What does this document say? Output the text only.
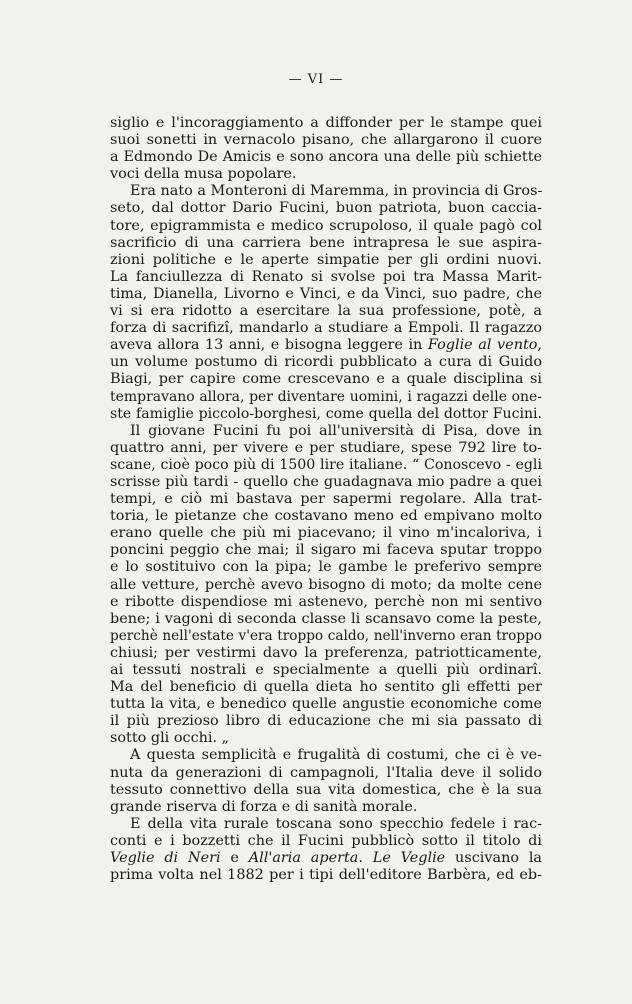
— VI —
siglio e l'incoraggiamento a diffonder per le stampe quei
suoi sonetti in vernacolo pisano, che allargarono il cuore
a Edmondo De Amicis e sono ancora una delle più schiette
voci della musa popolare.
Era nato a Monteroni di Maremma, in provincia di Gros-
seto, dal dottor Dario Fucini, buon patriota, buon caccia-
tore, epigrammista e medico scrupoloso, il quale pagò col
sacrificio di una carriera bene intrapresa le sue aspira-
zioni politiche e le aperte simpatie per gli ordini nuovi.
La fanciullezza di Renato si svolse poi tra Massa Marit-
tima, Dianella, Livorno e Vinci, e da Vinci, suo padre, che
vi si era ridotto a esercitare la sua professione, potè, a
forza di sacrifizî, mandarlo a studiare a Empoli. Il ragazzo
aveva allora 13 anni, e bisogna leggere in Foglie al vento,
un volume postumo di ricordi pubblicato a cura di Guido
Biagi, per capire come crescevano e a quale disciplina si
tempravano allora, per diventare uomini, i ragazzi delle one-
ste famiglie piccolo-borghesi, come quella del dottor Fucini.
Il giovane Fucini fu poi all'università di Pisa, dove in
quattro anni, per vivere e per studiare, spese 792 lire to-
scane, cioè poco più di 1500 lire italiane. “ Conoscevo - egli
scrisse più tardi - quello che guadagnava mio padre a quei
tempi, e ciò mi bastava per sapermi regolare. Alla trat-
toria, le pietanze che costavano meno ed empivano molto
erano quelle che più mi piacevano; il vino m'incaloriva, i
poncini peggio che mai; il sigaro mi faceva sputar troppo
e lo sostituivo con la pipa; le gambe le preferivo sempre
alle vetture, perchè avevo bisogno di moto; da molte cene
e ribotte dispendiose mi astenevo, perchè non mi sentivo
bene; i vagoni di seconda classe li scansavo come la peste,
perchè nell'estate v'era troppo caldo, nell'inverno eran troppo
chiusi; per vestirmi davo la preferenza, patriotticamente,
ai tessuti nostrali e specialmente a quelli più ordinarî.
Ma del beneficio di quella dieta ho sentito gli effetti per
tutta la vita, e benedico quelle angustie economiche come
il più prezioso libro di educazione che mi sia passato di
sotto gli occhi. „
A questa semplicità e frugalità di costumi, che ci è ve-
nuta da generazioni di campagnoli, l'Italia deve il solido
tessuto connettivo della sua vita domestica, che è la sua
grande riserva di forza e di sanità morale.
E della vita rurale toscana sono specchio fedele i rac-
conti e i bozzetti che il Fucini pubblicò sotto il titolo di
Veglie di Neri e All'aria aperta. Le Veglie uscivano la
prima volta nel 1882 per i tipi dell'editore Barbèra, ed eb-
